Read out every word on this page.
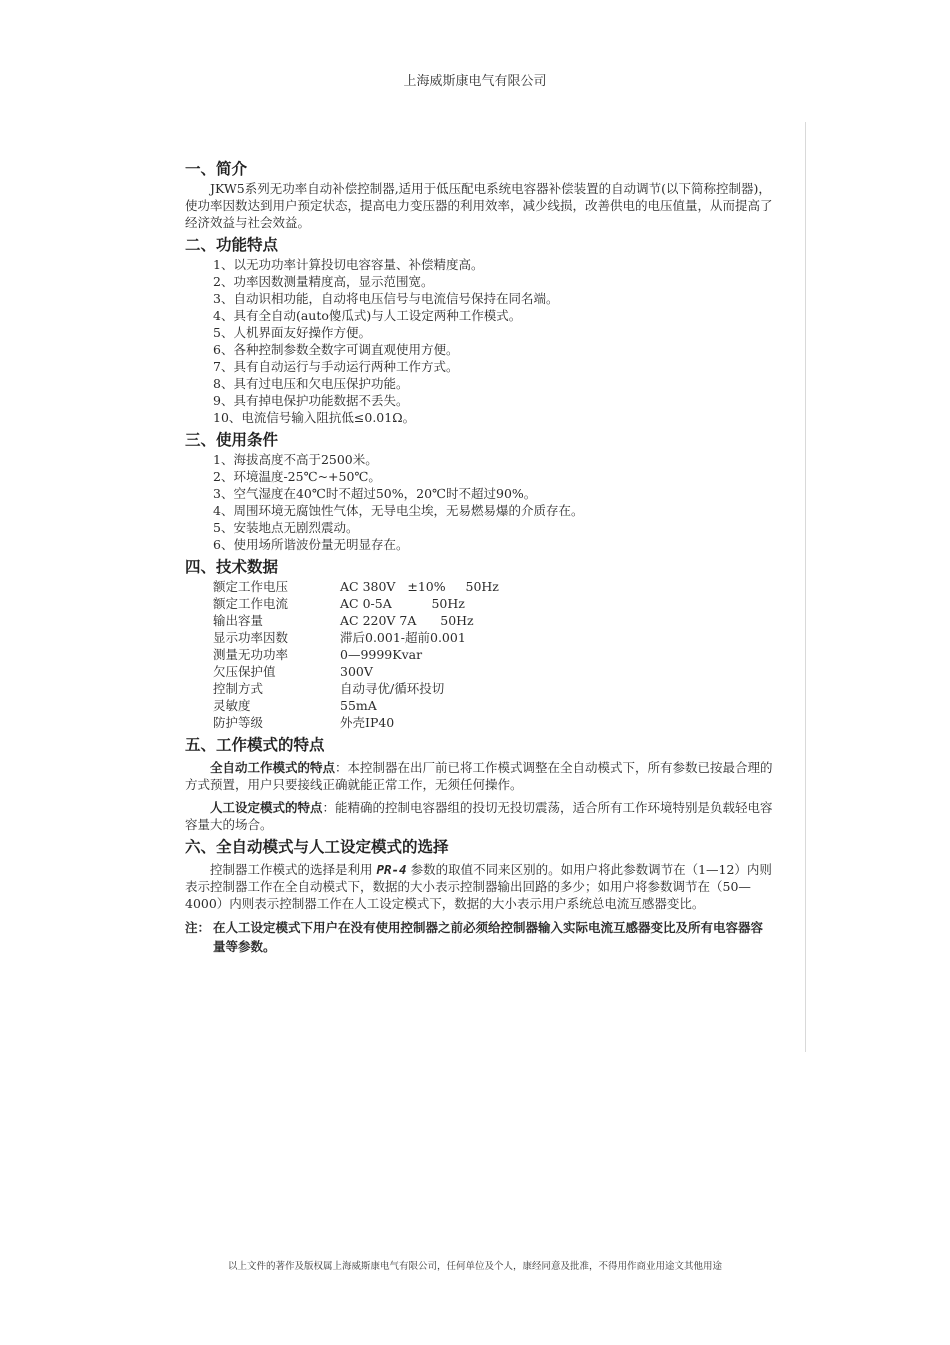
上海威斯康电气有限公司
一、简介

JKW5系列无功率自动补偿控制器,适用于低压配电系统电容器补偿装置的自动调节(以下简称控制器)， 使功率因数达到用户预定状态，提高电力变压器的利用效率，减少线损，改善供电的电压值量，从而提高了经济效益与社会效益。

二、功能特点
1、以无功功率计算投切电容容量、补偿精度高。
2、功率因数测量精度高，显示范围宽。
3、自动识相功能，自动将电压信号与电流信号保持在同名端。
4、具有全自动(auto傻瓜式)与人工设定两种工作模式。
5、人机界面友好操作方便。
6、各种控制参数全数字可调直观使用方便。
7、具有自动运行与手动运行两种工作方式。
8、具有过电压和欠电压保护功能。
9、具有掉电保护功能数据不丢失。
10、电流信号输入阻抗低≤0.01Ω。
三、使用条件
1、海拔高度不高于2500米。
2、环境温度-25℃~+50℃。
3、空气湿度在40℃时不超过50%，20℃时不超过90%。
4、周围环境无腐蚀性气体，无导电尘埃，无易燃易爆的介质存在。
5、安装地点无剧烈震动。
6、使用场所谐波份量无明显存在。
四、技术数据
额定工作电压	AC 380V   ±10%     50Hz
额定工作电流	AC 0-5A          50Hz
输出容量	AC 220V 7A      50Hz
显示功率因数	滞后0.001-超前0.001
测量无功功率	0—9999Kvar
欠压保护值	300V
控制方式	自动寻优/循环投切
灵敏度	55mA
防护等级	外壳IP40
五、工作模式的特点

全自动工作模式的特点：本控制器在出厂前已将工作模式调整在全自动模式下，所有参数已按最合理的方式预置，用户只要接线正确就能正常工作，无须任何操作。

人工设定模式的特点：能精确的控制电容器组的投切无投切震荡，适合所有工作环境特别是负载轻电容容量大的场合。

六、全自动模式与人工设定模式的选择

控制器工作模式的选择是利用 PR-4 参数的取值不同来区别的。如用户将此参数调节在（1—12）内则表示控制器工作在全自动模式下，数据的大小表示控制器输出回路的多少；如用户将参数调节在（50—4000）内则表示控制器工作在人工设定模式下，数据的大小表示用户系统总电流互感器变比。

注： 在人工设定模式下用户在没有使用控制器之前必须给控制器输入实际电流互感器变比及所有电容器容量等参数。

以上文件的著作及版权属上海威斯康电气有限公司，任何单位及个人，康经同意及批准，不得用作商业用途文其他用途
